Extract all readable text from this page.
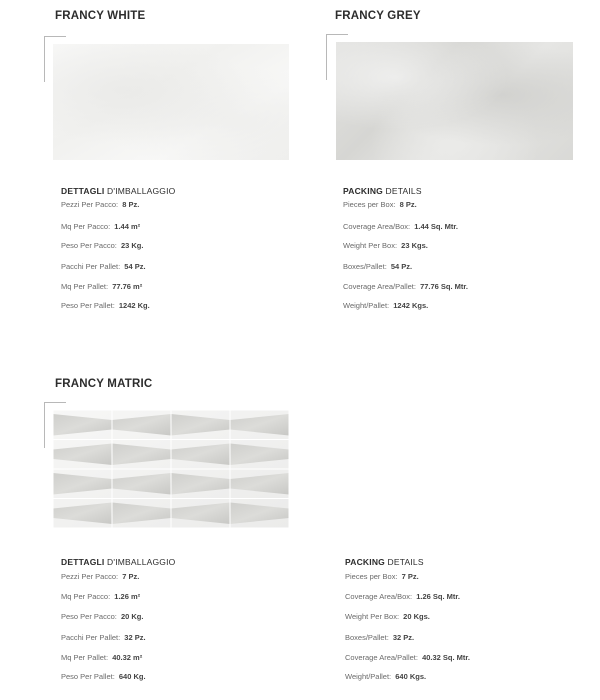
FRANCY WHITE
DETTAGLI D'IMBALLAGGIO
Pezzi Per Pacco: 8 Pz.
Mq Per Pacco: 1.44 m²
Peso Per Pacco: 23 Kg.
Pacchi Per Pallet: 54 Pz.
Mq Per Pallet: 77.76 m²
Peso Per Pallet: 1242 Kg.
FRANCY GREY
PACKING DETAILS
Pieces per Box: 8 Pz.
Coverage Area/Box: 1.44 Sq. Mtr.
Weight Per Box: 23 Kgs.
Boxes/Pallet: 54 Pz.
Coverage Area/Pallet: 77.76 Sq. Mtr.
Weight/Pallet: 1242 Kgs.
FRANCY MATRIC
DETTAGLI D'IMBALLAGGIO
Pezzi Per Pacco: 7 Pz.
Mq Per Pacco: 1.26 m²
Peso Per Pacco: 20 Kg.
Pacchi Per Pallet: 32 Pz.
Mq Per Pallet: 40.32 m²
Peso Per Pallet: 640 Kg.
PACKING DETAILS
Pieces per Box: 7 Pz.
Coverage Area/Box: 1.26 Sq. Mtr.
Weight Per Box: 20 Kgs.
Boxes/Pallet: 32 Pz.
Coverage Area/Pallet: 40.32 Sq. Mtr.
Weight/Pallet: 640 Kgs.
